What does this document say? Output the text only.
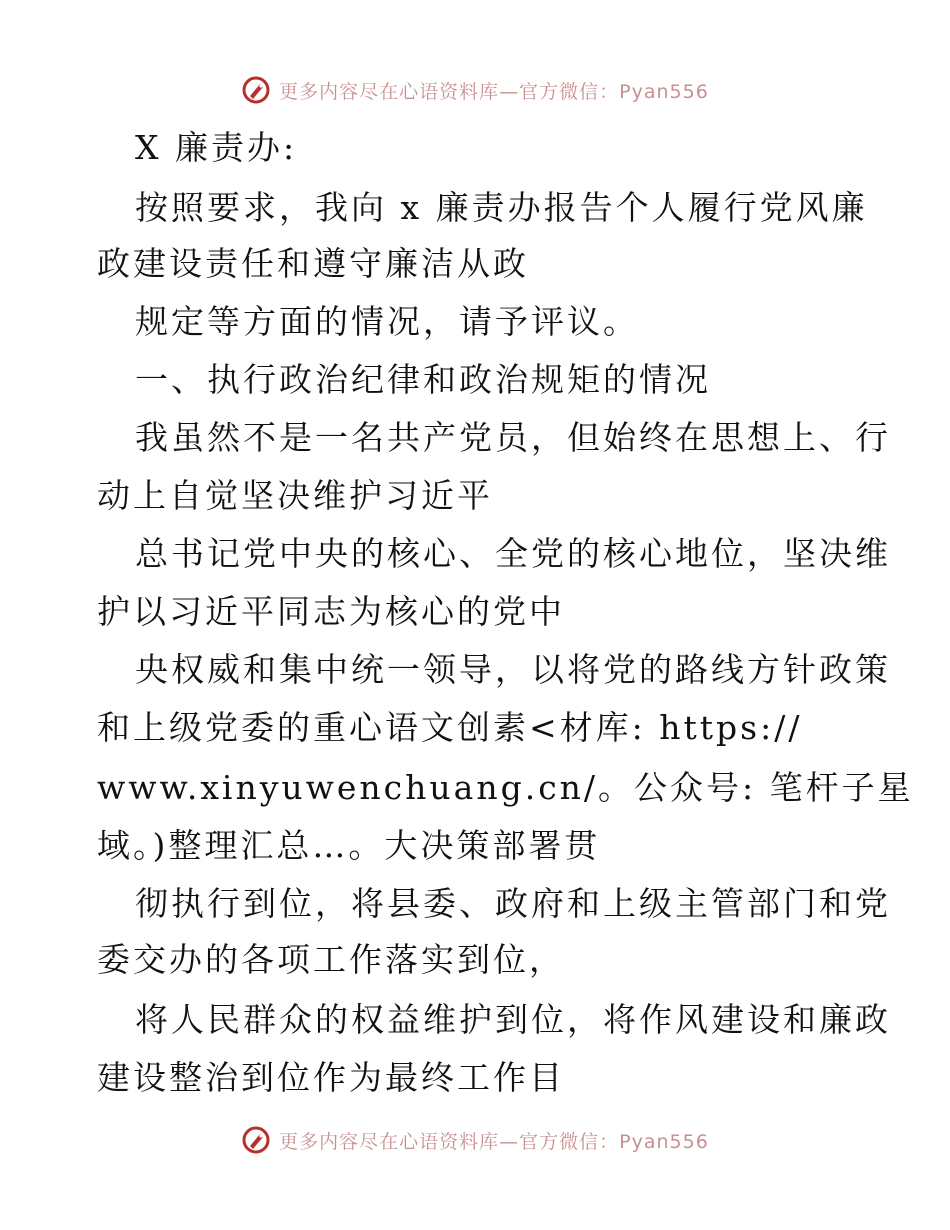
更多内容尽在心语资料库—官方微信：Pyan556
X 廉责办:
按照要求，我向 x 廉责办报告个人履行党风廉
政建设责任和遵守廉洁从政
规定等方面的情况，请予评议。
一、执行政治纪律和政治规矩的情况
我虽然不是一名共产党员，但始终在思想上、行
动上自觉坚决维护习近平
总书记党中央的核心、全党的核心地位，坚决维
护以习近平同志为核心的党中
央权威和集中统一领导，以将党的路线方针政策
和上级党委的重心语文创素<材库: https://
www.xinyuwenchuang.cn/。公众号: 笔杆子星
域。)整理汇总…。大决策部署贯
彻执行到位，将县委、政府和上级主管部门和党
委交办的各项工作落实到位，
将人民群众的权益维护到位，将作风建设和廉政
建设整治到位作为最终工作目
更多内容尽在心语资料库—官方微信：Pyan556
